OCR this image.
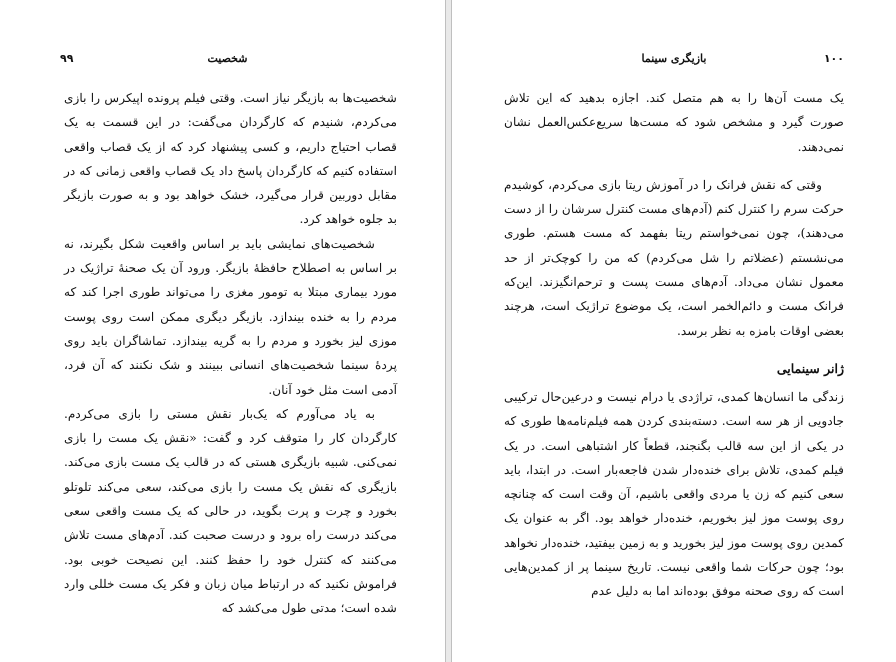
۹۹	شخصیت

شخصیت‌ها به بازیگر نیاز است. وقتی فیلم پرونده اپیکرس را بازی می‌کردم، شنیدم که کارگردان می‌گفت: در این قسمت به یک قصاب احتیاج داریم، و کسی پیشنهاد کرد که از یک قصاب واقعی استفاده کنیم که کارگردان پاسخ داد یک قصاب واقعی زمانی که در مقابل دوربین قرار می‌گیرد، خشک خواهد بود و به صورت بازیگر بد جلوه خواهد کرد.

شخصیت‌های نمایشی باید بر اساس واقعیت شکل بگیرند، نه بر اساس به اصطلاح حافظهٔ بازیگر. ورود آن یک صحنهٔ تراژیک در مورد بیماری مبتلا به تومور مغزی را می‌تواند طوری اجرا کند که مردم را به خنده بیندازد. بازیگر دیگری ممکن است روی پوست موزی لیز بخورد و مردم را به گریه بیندازد. تماشاگران باید روی پردهٔ سینما شخصیت‌های انسانی ببینند و شک نکنند که آن فرد، آدمی است مثل خود آنان.

به یاد می‌آورم که یک‌بار نقش مستی را بازی می‌کردم. کارگردان کار را متوقف کرد و گفت: «نقش یک مست را بازی نمی‌کنی. شبیه بازیگری هستی که در قالب یک مست بازی می‌کند. بازیگری که نقش یک مست را بازی می‌کند، سعی می‌کند تلوتلو بخورد و چرت و پرت بگوید، در حالی که یک مست واقعی سعی می‌کند درست راه برود و درست صحبت کند. آدم‌های مست تلاش می‌کنند که کنترل خود را حفظ کنند. این نصیحت خوبی بود. فراموش نکنید که در ارتباط میان زبان و فکر یک مست خللی وارد شده است؛ مدتی طول می‌کشد که

بازیگری سینما	۱۰۰

یک مست آن‌ها را به هم متصل کند. اجازه بدهید که این تلاش صورت گیرد و مشخص شود که مست‌ها سریع‌عکس‌العمل نشان نمی‌دهند.

وقتی که نقش فرانک را در آموزش ریتا بازی می‌کردم، کوشیدم حرکت سرم را کنترل کنم (آدم‌های مست کنترل سرشان را از دست می‌دهند)، چون نمی‌خواستم ریتا بفهمد که مست هستم. طوری می‌نشستم (عضلاتم را شل می‌کردم) که من را کوچک‌تر از حد معمول نشان می‌داد. آدم‌های مست پست و ترحم‌انگیزند. این‌که فرانک مست و دائم‌الخمر است، یک موضوع تراژیک است، هرچند بعضی اوقات بامزه به نظر برسد.

ژانر سینمایی

زندگی ما انسان‌ها کمدی، تراژدی یا درام نیست و درعین‌حال ترکیبی جادویی از هر سه است. دسته‌بندی کردن همه فیلم‌نامه‌ها طوری که در یکی از این سه قالب بگنجند، قطعاً کار اشتباهی است. در یک فیلم کمدی، تلاش برای خنده‌دار شدن فاجعه‌بار است. در ابتدا، باید سعی کنیم که زن یا مردی واقعی باشیم، آن وقت است که چنانچه روی پوست موز لیز بخوریم، خنده‌دار خواهد بود. اگر به عنوان یک کمدین روی پوست موز لیز بخورید و به زمین بیفتید، خنده‌دار نخواهد بود؛ چون حرکات شما واقعی نیست. تاریخ سینما پر از کمدین‌هایی است که روی صحنه موفق بوده‌اند اما به دلیل عدم
